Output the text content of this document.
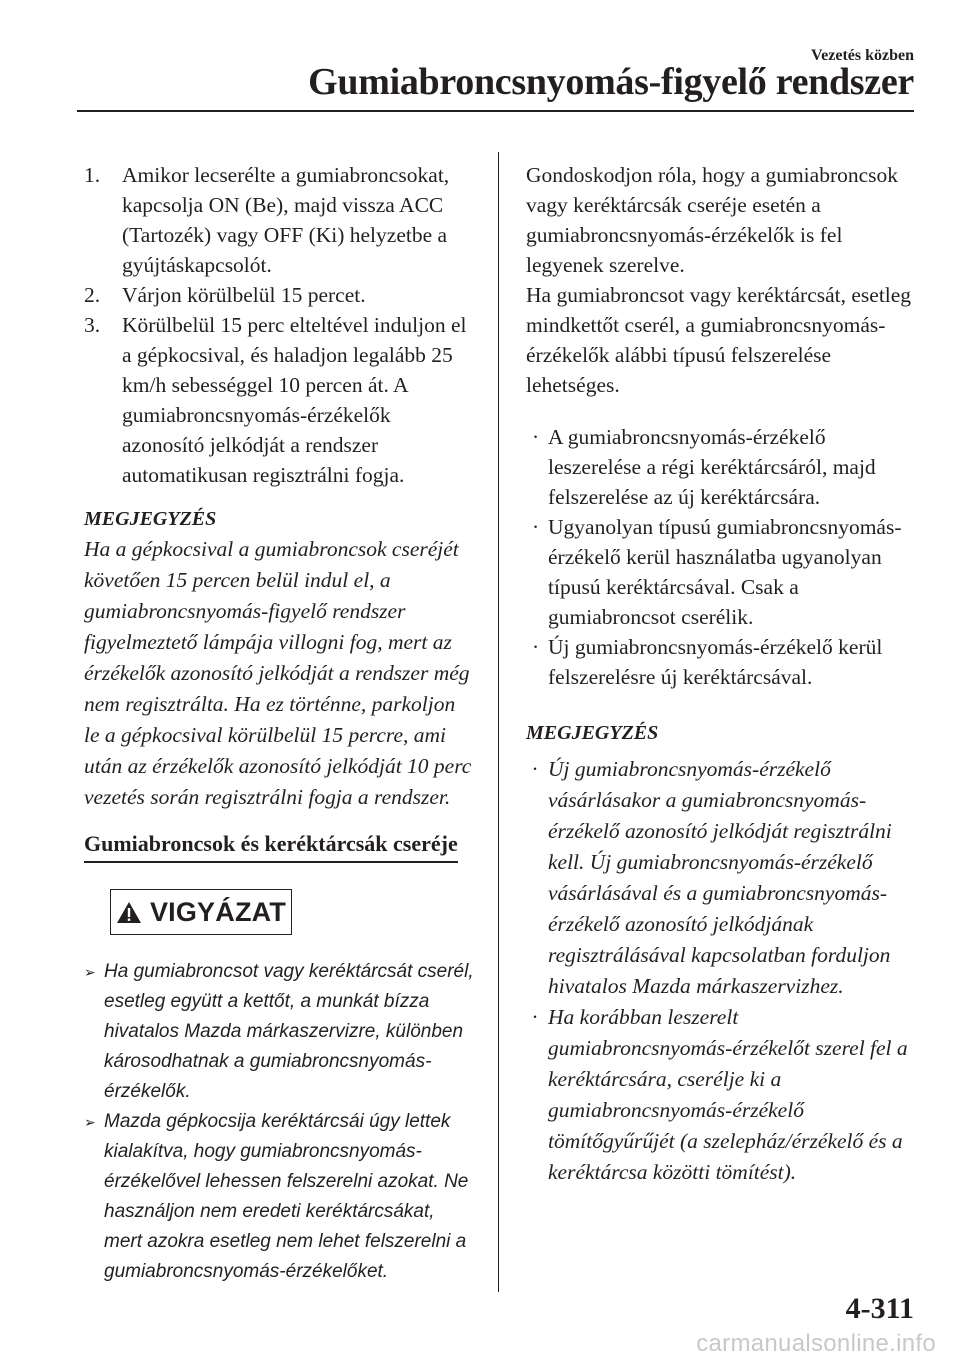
Vezetés közben
Gumiabroncsnyomás-figyelő rendszer
1. Amikor lecserélte a gumiabroncsokat, kapcsolja ON (Be), majd vissza ACC (Tartozék) vagy OFF (Ki) helyzetbe a gyújtáskapcsolót.
2. Várjon körülbelül 15 percet.
3. Körülbelül 15 perc elteltével induljon el a gépkocsival, és haladjon legalább 25 km/h sebességgel 10 percen át. A gumiabroncsnyomás-érzékelők azonosító jelkódját a rendszer automatikusan regisztrálni fogja.
MEGJEGYZÉS
Ha a gépkocsival a gumiabroncsok cseréjét követően 15 percen belül indul el, a gumiabroncsnyomás-figyelő rendszer figyelmeztető lámpája villogni fog, mert az érzékelők azonosító jelkódját a rendszer még nem regisztrálta. Ha ez történne, parkoljon le a gépkocsival körülbelül 15 percre, ami után az érzékelők azonosító jelkódját 10 perc vezetés során regisztrálni fogja a rendszer.
Gumiabroncsok és keréktárcsák cseréje
VIGYÁZAT
➢ Ha gumiabroncsot vagy keréktárcsát cserél, esetleg együtt a kettőt, a munkát bízza hivatalos Mazda márkaszervizre, különben károsodhatnak a gumiabroncsnyomás-érzékelők.
➢ Mazda gépkocsija keréktárcsái úgy lettek kialakítva, hogy gumiabroncsnyomás-érzékelővel lehessen felszerelni azokat. Ne használjon nem eredeti keréktárcsákat, mert azokra esetleg nem lehet felszerelni a gumiabroncsnyomás-érzékelőket.
Gondoskodjon róla, hogy a gumiabroncsok vagy keréktárcsák cseréje esetén a gumiabroncsnyomás-érzékelők is fel legyenek szerelve.
Ha gumiabroncsot vagy keréktárcsát, esetleg mindkettőt cserél, a gumiabroncsnyomás-érzékelők alábbi típusú felszerelése lehetséges.
· A gumiabroncsnyomás-érzékelő leszerelése a régi keréktárcsáról, majd felszerelése az új keréktárcsára.
· Ugyanolyan típusú gumiabroncsnyomás-érzékelő kerül használatba ugyanolyan típusú keréktárcsával. Csak a gumiabroncsot cserélik.
· Új gumiabroncsnyomás-érzékelő kerül felszerelésre új keréktárcsával.
MEGJEGYZÉS
· Új gumiabroncsnyomás-érzékelő vásárlásakor a gumiabroncsnyomás-érzékelő azonosító jelkódját regisztrálni kell. Új gumiabroncsnyomás-érzékelő vásárlásával és a gumiabroncsnyomás-érzékelő azonosító jelkódjának regisztrálásával kapcsolatban forduljon hivatalos Mazda márkaszervizhez.
· Ha korábban leszerelt gumiabroncsnyomás-érzékelőt szerel fel a keréktárcsára, cserélje ki a gumiabroncsnyomás-érzékelő tömítőgyűrűjét (a szelepház/érzékelő és a keréktárcsa közötti tömítést).
4-311
carmanualsonline.info
